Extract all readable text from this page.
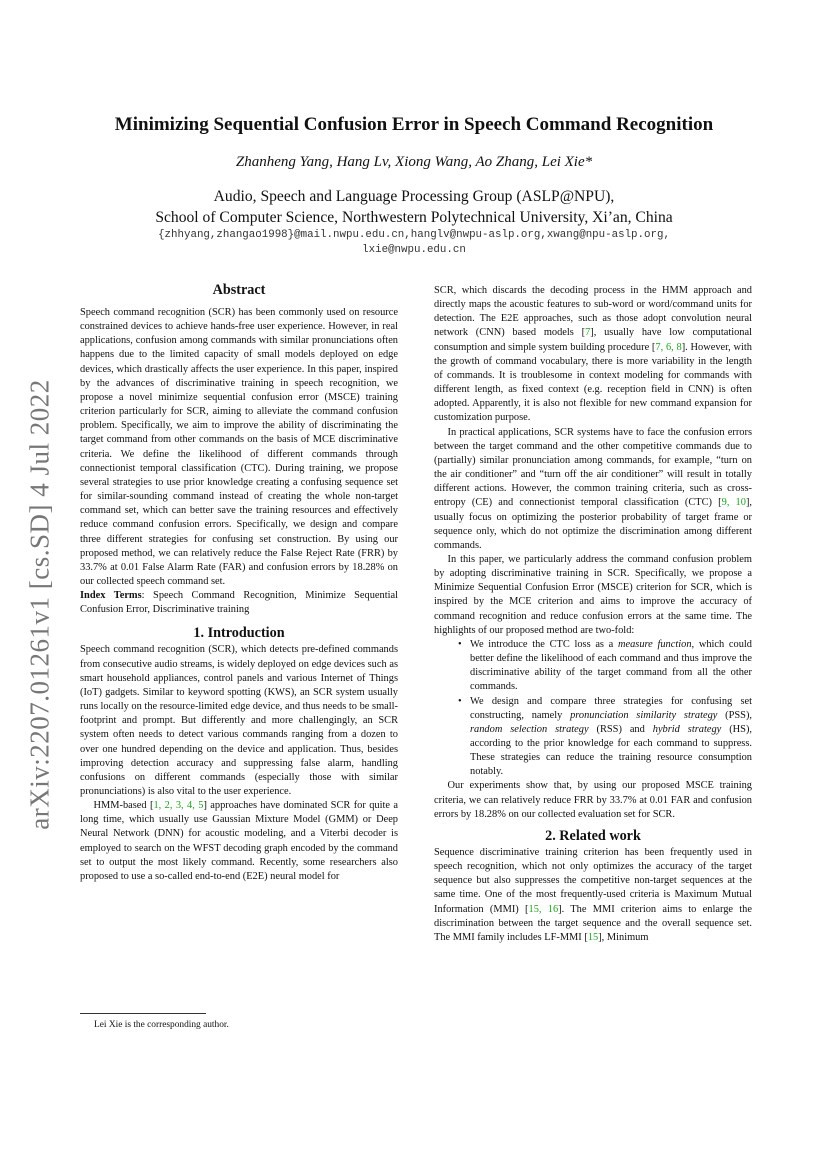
arXiv:2207.01261v1 [cs.SD] 4 Jul 2022
Minimizing Sequential Confusion Error in Speech Command Recognition

Zhanheng Yang, Hang Lv, Xiong Wang, Ao Zhang, Lei Xie*

Audio, Speech and Language Processing Group (ASLP@NPU),
School of Computer Science, Northwestern Polytechnical University, Xi’an, China

{zhhyang,zhangao1998}@mail.nwpu.edu.cn,hanglv@nwpu-aslp.org,xwang@npu-aslp.org,
lxie@nwpu.edu.cn

Abstract

Speech command recognition (SCR) has been commonly used on resource constrained devices to achieve hands-free user experience. However, in real applications, confusion among commands with similar pronunciations often happens due to the limited capacity of small models deployed on edge devices, which drastically affects the user experience. In this paper, inspired by the advances of discriminative training in speech recognition, we propose a novel minimize sequential confusion error (MSCE) training criterion particularly for SCR, aiming to alleviate the command confusion problem. Specifically, we aim to improve the ability of discriminating the target command from other commands on the basis of MCE discriminative criteria. We define the likelihood of different commands through connectionist temporal classification (CTC). During training, we propose several strategies to use prior knowledge creating a confusing sequence set for similar-sounding command instead of creating the whole non-target command set, which can better save the training resources and effectively reduce command confusion errors. Specifically, we design and compare three different strategies for confusing set construction. By using our proposed method, we can relatively reduce the False Reject Rate (FRR) by 33.7% at 0.01 False Alarm Rate (FAR) and confusion errors by 18.28% on our collected speech command set.

Index Terms: Speech Command Recognition, Minimize Sequential Confusion Error, Discriminative training

1. Introduction

Speech command recognition (SCR), which detects pre-defined commands from consecutive audio streams, is widely deployed on edge devices such as smart household appliances, control panels and various Internet of Things (IoT) gadgets. Similar to keyword spotting (KWS), an SCR system usually runs locally on the resource-limited edge device, and thus needs to be small-footprint and prompt. But differently and more challengingly, an SCR system often needs to detect various commands ranging from a dozen to over one hundred depending on the device and application. Thus, besides improving detection accuracy and suppressing false alarm, handling confusions on different commands (especially those with similar pronunciations) is also vital to the user experience.

HMM-based [1, 2, 3, 4, 5] approaches have dominated SCR for quite a long time, which usually use Gaussian Mixture Model (GMM) or Deep Neural Network (DNN) for acoustic modeling, and a Viterbi decoder is employed to search on the WFST decoding graph encoded by the command set to output the most likely command. Recently, some researchers also proposed to use a so-called end-to-end (E2E) neural model for

Lei Xie is the corresponding author.

SCR, which discards the decoding process in the HMM approach and directly maps the acoustic features to sub-word or word/command units for detection. The E2E approaches, such as those adopt convolution neural network (CNN) based models [7], usually have low computational consumption and simple system building procedure [7, 6, 8]. However, with the growth of command vocabulary, there is more variability in the length of commands. It is troublesome in context modeling for commands with different length, as fixed context (e.g. reception field in CNN) is often adopted. Apparently, it is also not flexible for new command expansion for customization purpose.

In practical applications, SCR systems have to face the confusion errors between the target command and the other competitive commands due to (partially) similar pronunciation among commands, for example, “turn on the air conditioner” and “turn off the air conditioner” will result in totally different actions. However, the common training criteria, such as cross-entropy (CE) and connectionist temporal classification (CTC) [9, 10], usually focus on optimizing the posterior probability of target frame or sequence only, which do not optimize the discrimination among different commands.

In this paper, we particularly address the command confusion problem by adopting discriminative training in SCR. Specifically, we propose a Minimize Sequential Confusion Error (MSCE) criterion for SCR, which is inspired by the MCE criterion and aims to improve the accuracy of command recognition and reduce confusion errors at the same time. The highlights of our proposed method are two-fold:

• We introduce the CTC loss as a measure function, which could better define the likelihood of each command and thus improve the discriminative ability of the target command from all the other commands.
• We design and compare three strategies for confusing set constructing, namely pronunciation similarity strategy (PSS), random selection strategy (RSS) and hybrid strategy (HS), according to the prior knowledge for each command to suppress. These strategies can reduce the training resource consumption notably.

Our experiments show that, by using our proposed MSCE training criteria, we can relatively reduce FRR by 33.7% at 0.01 FAR and confusion errors by 18.28% on our collected evaluation set for SCR.

2. Related work

Sequence discriminative training criterion has been frequently used in speech recognition, which not only optimizes the accuracy of the target sequence but also suppresses the competitive non-target sequences at the same time. One of the most frequently-used criteria is Maximum Mutual Information (MMI) [15, 16]. The MMI criterion aims to enlarge the discrimination between the target sequence and the overall sequence set. The MMI family includes LF-MMI [15], Minimum
